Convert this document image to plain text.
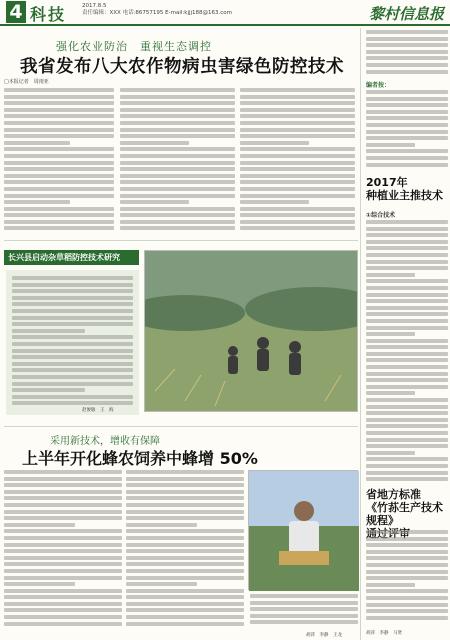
4 科技	2017.8.5
责任编辑：XXX 电话:86757195 E-mail:kjjj188@163.com	黎村信息报
强化农业防治　重视生态调控
我省发布八大农作物病虫害绿色防控技术
□本报记者　周雨亚	编者按：
2017年
种植业主推技术
①综合技术
省地方标准
《竹荪生产技术规程》

胡萍　李静　马贤
长兴县启动杂草稻防控技术研究
赵俊敏　王　海
采用新技术，增收有保障
上半年开化蜂农饲养中蜂增 50%
胡萍　李静　王龙
